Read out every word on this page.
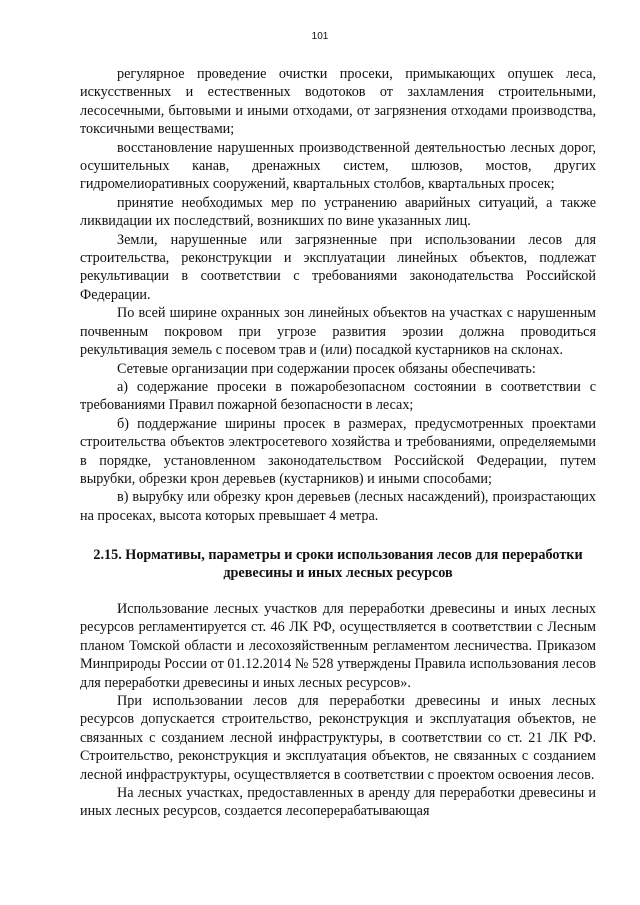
101

регулярное проведение очистки просеки, примыкающих опушек леса, искусственных и естественных водотоков от захламления строительными, лесосечными, бытовыми и иными отходами, от загрязнения отходами производства, токсичными веществами;

восстановление нарушенных производственной деятельностью лесных дорог, осушительных канав, дренажных систем, шлюзов, мостов, других гидромелиоративных сооружений, квартальных столбов, квартальных просек;

принятие необходимых мер по устранению аварийных ситуаций, а также ликвидации их последствий, возникших по вине указанных лиц.

Земли, нарушенные или загрязненные при использовании лесов для строительства, реконструкции и эксплуатации линейных объектов, подлежат рекультивации в соответствии с требованиями законодательства Российской Федерации.

По всей ширине охранных зон линейных объектов на участках с нарушенным почвенным покровом при угрозе развития эрозии должна проводиться рекультивация земель с посевом трав и (или) посадкой кустарников на склонах.

Сетевые организации при содержании просек обязаны обеспечивать:

а) содержание просеки в пожаробезопасном состоянии в соответствии с требованиями Правил пожарной безопасности в лесах;

б) поддержание ширины просек в размерах, предусмотренных проектами строительства объектов электросетевого хозяйства и требованиями, определяемыми в порядке, установленном законодательством Российской Федерации, путем вырубки, обрезки крон деревьев (кустарников) и иными способами;

в) вырубку или обрезку крон деревьев (лесных насаждений), произрастающих на просеках, высота которых превышает 4 метра.

2.15. Нормативы, параметры и сроки использования лесов для переработки древесины и иных лесных ресурсов

Использование лесных участков для переработки древесины и иных лесных ресурсов регламентируется ст. 46 ЛК РФ, осуществляется в соответствии с Лесным планом Томской области и лесохозяйственным регламентом лесничества. Приказом Минприроды России от 01.12.2014 № 528 утверждены Правила использования лесов для переработки древесины и иных лесных ресурсов».

При использовании лесов для переработки древесины и иных лесных ресурсов допускается строительство, реконструкция и эксплуатация объектов, не связанных с созданием лесной инфраструктуры, в соответствии со ст. 21 ЛК РФ. Строительство, реконструкция и эксплуатация объектов, не связанных с созданием лесной инфраструктуры, осуществляется в соответствии с проектом освоения лесов.

На лесных участках, предоставленных в аренду для переработки древесины и иных лесных ресурсов, создается лесоперерабатывающая
